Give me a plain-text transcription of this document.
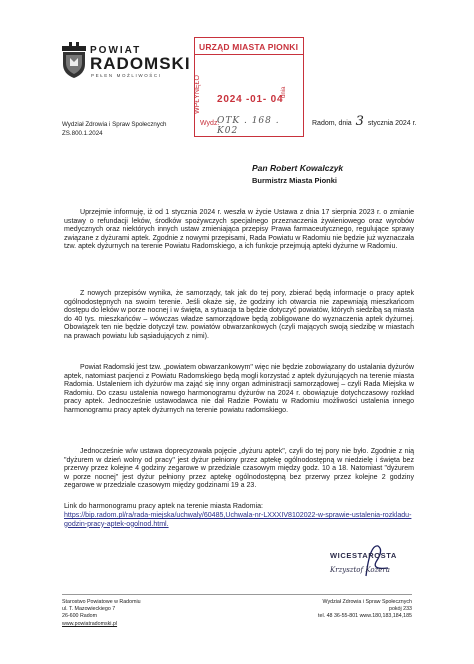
POWIAT
RADOMSKI
PEŁEN MOŻLIWOŚCI
URZĄD MIASTA PIONKI
WPŁYNĘŁO 2024 -01- 04
dnia
Wydz:
OTK . 168 . K02
Wydział Zdrowia i Spraw Społecznych
ZS.800.1.2024
Radom, dnia 3 stycznia 2024 r.
Pan Robert Kowalczyk
Burmistrz Miasta Pionki
Uprzejmie informuję, iż od 1 stycznia 2024 r. weszła w życie Ustawa z dnia 17 sierpnia 2023 r. o zmianie ustawy o refundacji leków, środków spożywczych specjalnego przeznaczenia żywieniowego oraz wyrobów medycznych oraz niektórych innych ustaw zmieniająca przepisy Prawa farmaceutycznego, regulujące sprawy związane z dyżurami aptek. Zgodnie z nowymi przepisami, Rada Powiatu w Radomiu nie będzie już wyznaczała tzw. aptek dyżurnych na terenie Powiatu Radomskiego, a ich funkcje przejmują apteki dyżurne w Radomiu.
Z nowych przepisów wynika, że samorządy, tak jak do tej pory, zbierać będą informacje o pracy aptek ogólnodostępnych na swoim terenie. Jeśli okaże się, że godziny ich otwarcia nie zapewniają mieszkańcom dostępu do leków w porze nocnej i w święta, a sytuacja ta będzie dotyczyć powiatów, których siedzibą są miasta do 40 tys. mieszkańców – wówczas władze samorządowe będą zobligowane do wyznaczenia aptek dyżurnej. Obowiązek ten nie będzie dotyczył tzw. powiatów obwarzankowych (czyli mających swoją siedzibę w miastach na prawach powiatu lub sąsiadujących z nimi).
Powiat Radomski jest tzw. „powiatem obwarzankowym" więc nie będzie zobowiązany do ustalania dyżurów aptek, natomiast pacjenci z Powiatu Radomskiego będą mogli korzystać z aptek dyżurujących na terenie miasta Radomia. Ustaleniem ich dyżurów ma zająć się inny organ administracji samorządowej – czyli Rada Miejska w Radomiu. Do czasu ustalenia nowego harmonogramu dyżurów na 2024 r. obowiązuje dotychczasowy rozkład pracy aptek. Jednocześnie ustawodawca nie dał Radzie Powiatu w Radomiu możliwości ustalenia innego harmonogramu pracy aptek dyżurnych na terenie powiatu radomskiego.
Jednocześnie w/w ustawa doprecyzowała pojęcie „dyżuru aptek", czyli do tej pory nie było. Zgodnie z nią "dyżurem w dzień wolny od pracy" jest dyżur pełniony przez aptekę ogólnodostępną w niedzielę i święta bez przerwy przez kolejne 4 godziny zegarowe w przedziale czasowym między godz. 10 a 18. Natomiast "dyżurem w porze nocnej" jest dyżur pełniony przez aptekę ogólnodostępną bez przerwy przez kolejne 2 godziny zegarowe w przedziale czasowym między godzinami 19 a 23.
Link do harmonogramu pracy aptek na terenie miasta Radomia:
https://bip.radom.pl/ra/rada-miejska/uchwaly/60485,Uchwala-nr-LXXXIV8102022-w-sprawie-ustalenia-rozkladu-godzin-pracy-aptek-ogolnod.html.
WICESTAROSTA
Krzysztof Kozera
Starostwo Powiatowe w Radomiu
ul. T. Mazowieckiego 7
26-600 Radom
www.powiatradomski.pl
Wydział Zdrowia i Spraw Społecznych
pokój 233
tel. 48 36-55-801 www.180,183,184,185
